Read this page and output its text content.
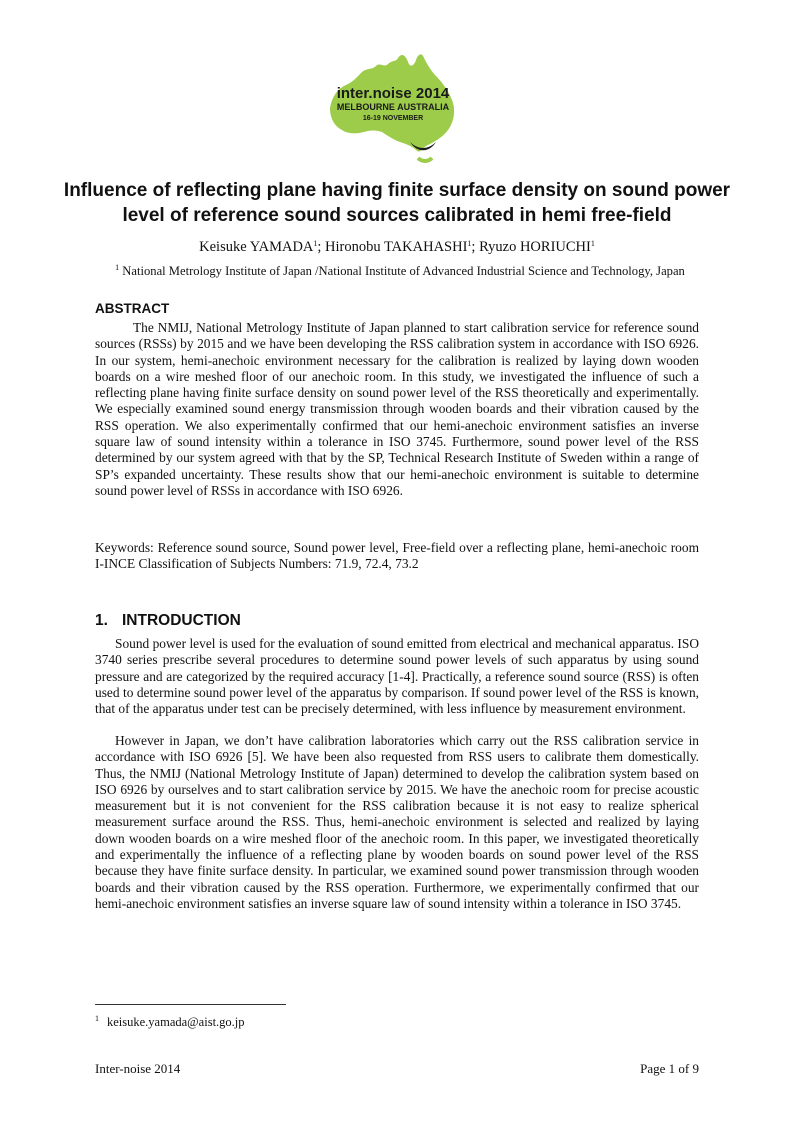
inter.noise 2014
MELBOURNE AUSTRALIA
16-19 NOVEMBER
Influence of reflecting plane having finite surface density on sound power level of reference sound sources calibrated in hemi free-field
Keisuke YAMADA$^1$; Hironobu TAKAHASHI$^1$; Ryuzo HORIUCHI$^1$
$^1$ National Metrology Institute of Japan /National Institute of Advanced Industrial Science and Technology, Japan
ABSTRACT

The NMIJ, National Metrology Institute of Japan planned to start calibration service for reference sound sources (RSSs) by 2015 and we have been developing the RSS calibration system in accordance with ISO 6926. In our system, hemi-anechoic environment necessary for the calibration is realized by laying down wooden boards on a wire meshed floor of our anechoic room. In this study, we investigated the influence of such a reflecting plane having finite surface density on sound power level of the RSS theoretically and experimentally. We especially examined sound energy transmission through wooden boards and their vibration caused by the RSS operation. We also experimentally confirmed that our hemi-anechoic environment satisfies an inverse square law of sound intensity within a tolerance in ISO 3745. Furthermore, sound power level of the RSS determined by our system agreed with that by the SP, Technical Research Institute of Sweden within a range of SP’s expanded uncertainty. These results show that our hemi-anechoic environment is suitable to determine sound power level of RSSs in accordance with ISO 6926.

Keywords: Reference sound source, Sound power level, Free-field over a reflecting plane, hemi-anechoic room I-INCE Classification of Subjects Numbers: 71.9, 72.4, 73.2

1. INTRODUCTION

Sound power level is used for the evaluation of sound emitted from electrical and mechanical apparatus. ISO 3740 series prescribe several procedures to determine sound power levels of such apparatus by using sound pressure and are categorized by the required accuracy [1-4]. Practically, a reference sound source (RSS) is often used to determine sound power level of the apparatus by comparison. If sound power level of the RSS is known, that of the apparatus under test can be precisely determined, with less influence by measurement environment.

However in Japan, we don’t have calibration laboratories which carry out the RSS calibration service in accordance with ISO 6926 [5]. We have been also requested from RSS users to calibrate them domestically. Thus, the NMIJ (National Metrology Institute of Japan) determined to develop the calibration system based on ISO 6926 by ourselves and to start calibration service by 2015. We have the anechoic room for precise acoustic measurement but it is not convenient for the RSS calibration because it is not easy to realize spherical measurement surface around the RSS. Thus, hemi-anechoic environment is selected and realized by laying down wooden boards on a wire meshed floor of the anechoic room. In this paper, we investigated theoretically and experimentally the influence of a reflecting plane by wooden boards on sound power level of the RSS because they have finite surface density. In particular, we examined sound power transmission through wooden boards and their vibration caused by the RSS operation. Furthermore, we experimentally confirmed that our hemi-anechoic environment satisfies an inverse square law of sound intensity within a tolerance in ISO 3745.

$^1$ keisuke.yamada@aist.go.jp
Inter-noise 2014	Page 1 of 9
